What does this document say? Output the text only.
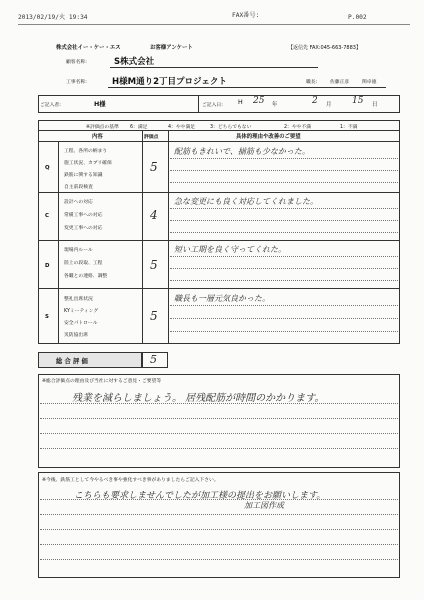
2013/02/19/火 19:34	FAX番号:	P.002
株式会社イー・ケー・エス	お客様アンケート	【返信先 FAX:045-663-7883】
顧客名称:	S株式会社
工事名称:	H様M通り2丁目プロジェクト	職長:	佐藤正彦	関卓徳
ご記入者:	H様	ご記入日: H 25 年	2 月 15 日
※評価点の基準 6：満足	4：やや満足	3：どちらでもない	2：やや不満	1：不満
内容	評価点	具体的理由や改善のご要望
Q
工程、各所の納まり
施工状況、カブリ確保
鉄筋に関する知識
自主前段検査
5
配筋もきれいで、揃筋も少なかった。
C
設計への対応
常備工事への対応
変更工事への対応
4
急な変更にも良く対応してくれました。
D
現場内ルール
陸上の段取、工程
各職との連絡、調整
5
短い工期を良く守ってくれた。
S
整礼出席状況
KYミーティング
安全パトロール
災防協出席
5
職長も一層元気良かった。
総 合 評 価	5
※総合評価点の理由及び当社に対するご意見・ご要望等
残業を減らしましょう。 居残配筋が時間のかかります。
※今後、鉄筋工として今やるべき事や強化すべき事がありましたらご記入下さい。
こちらも要求しませんでしたが加工様の提出をお願いします。
加工図作成
